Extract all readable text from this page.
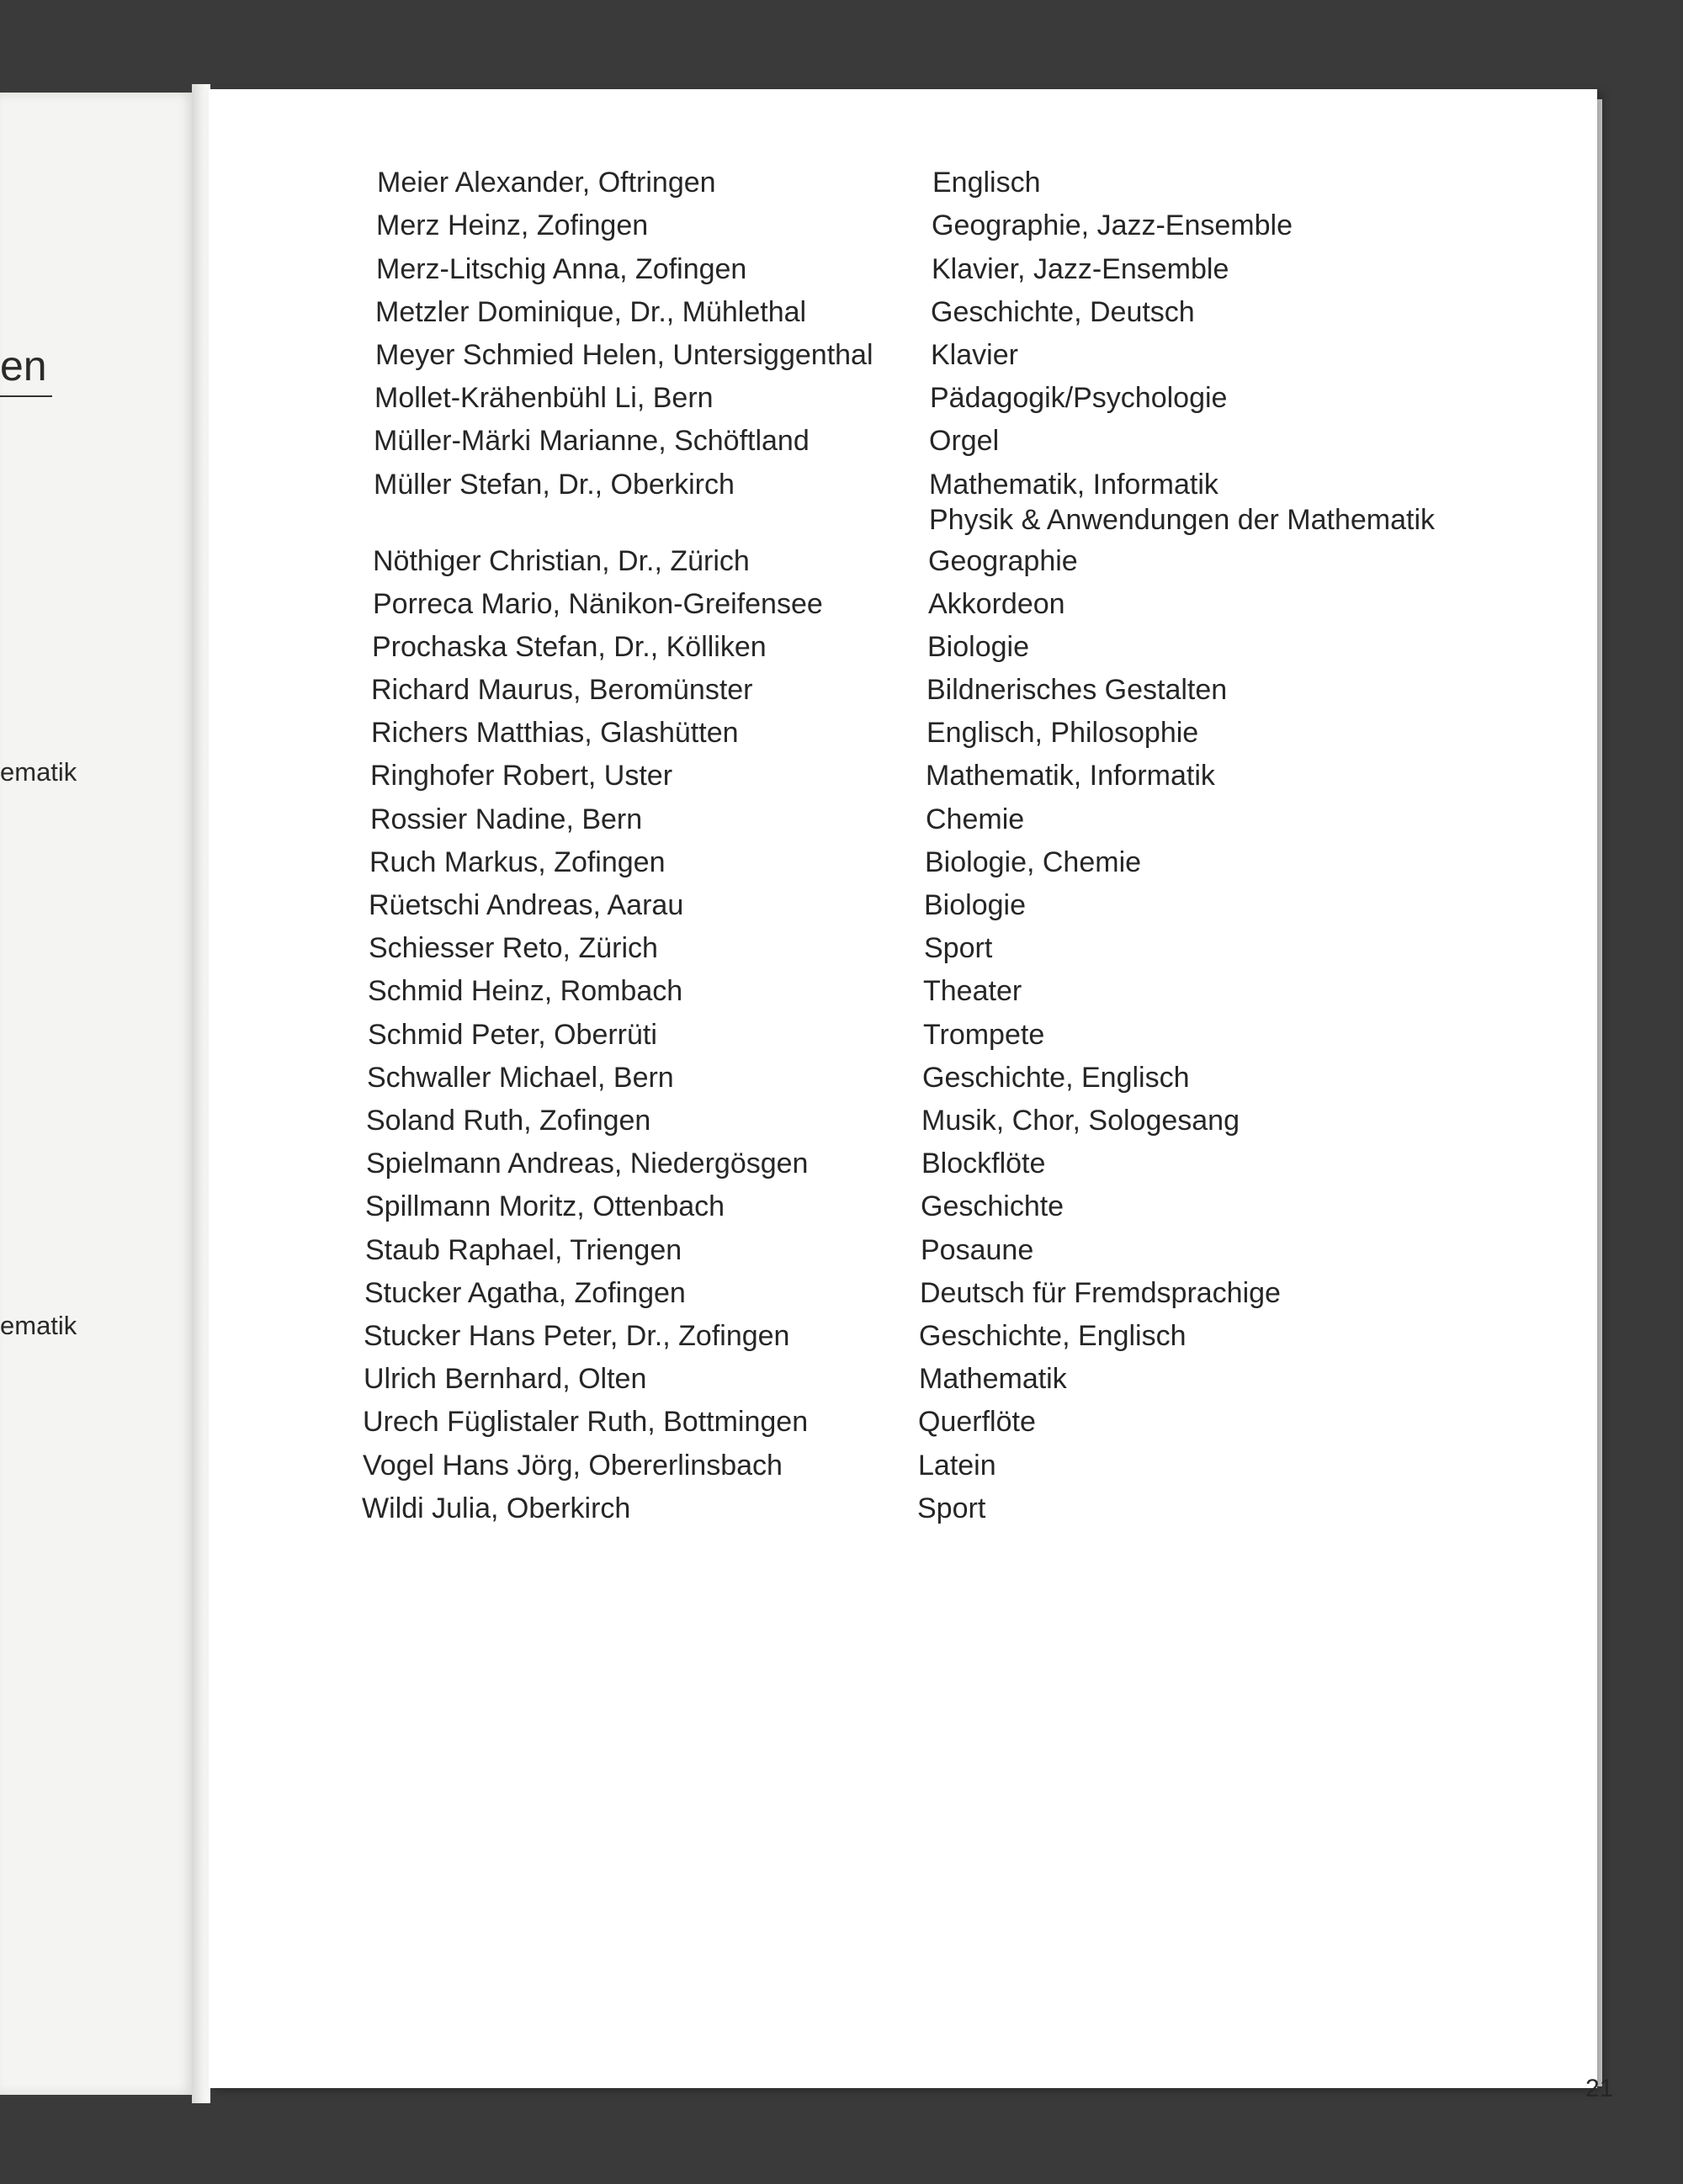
en
ematik
ematik
Meier Alexander, Oftringen	Englisch
Merz Heinz, Zofingen	Geographie, Jazz-Ensemble
Merz-Litschig Anna, Zofingen	Klavier, Jazz-Ensemble
Metzler Dominique, Dr., Mühlethal	Geschichte, Deutsch
Meyer Schmied Helen, Untersiggenthal Klavier
Mollet-Krähenbühl Li, Bern	Pädagogik/Psychologie
Müller-Märki Marianne, Schöftland	Orgel
Müller Stefan, Dr., Oberkirch	Mathematik, Informatik
Physik & Anwendungen der Mathematik
Nöthiger Christian, Dr., Zürich	Geographie
Porreca Mario, Nänikon-Greifensee	Akkordeon
Prochaska Stefan, Dr., Kölliken	Biologie
Richard Maurus, Beromünster	Bildnerisches Gestalten
Richers Matthias, Glashütten	Englisch, Philosophie
Ringhofer Robert, Uster	Mathematik, Informatik
Rossier Nadine, Bern	Chemie
Ruch Markus, Zofingen	Biologie, Chemie
Rüetschi Andreas, Aarau	Biologie
Schiesser Reto, Zürich	Sport
Schmid Heinz, Rombach	Theater
Schmid Peter, Oberrüti	Trompete
Schwaller Michael, Bern	Geschichte, Englisch
Soland Ruth, Zofingen	Musik, Chor, Sologesang
Spielmann Andreas, Niedergösgen	Blockflöte
Spillmann Moritz, Ottenbach	Geschichte
Staub Raphael, Triengen	Posaune
Stucker Agatha, Zofingen	Deutsch für Fremdsprachige
Stucker Hans Peter, Dr., Zofingen	Geschichte, Englisch
Ulrich Bernhard, Olten	Mathematik
Urech Füglistaler Ruth, Bottmingen	Querflöte
Vogel Hans Jörg, Obererlinsbach	Latein
Wildi Julia, Oberkirch	Sport
21
